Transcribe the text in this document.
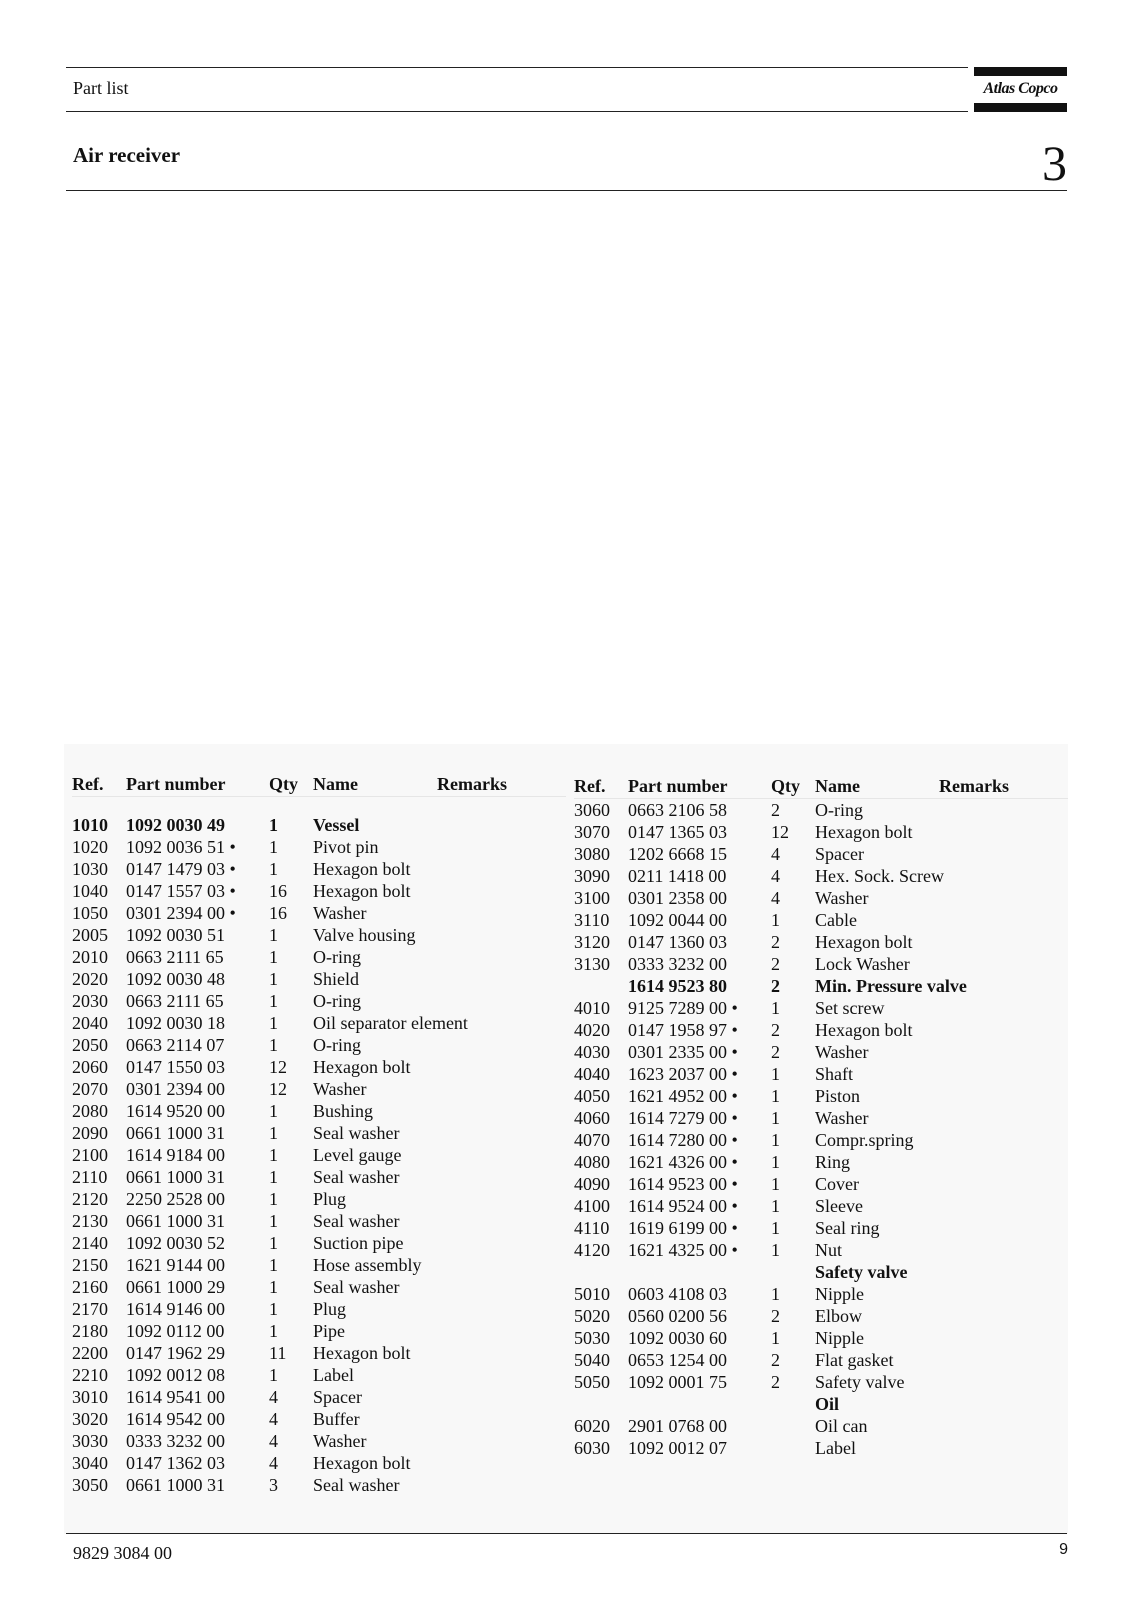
Part list	Atlas Copco
Air receiver	3
Ref.	Part number	Qty	Name	Remarks

1010	1092 0030 49	1	Vessel	
1020	1092 0036 51 •	1	Pivot pin	
1030	0147 1479 03 •	1	Hexagon bolt	
1040	0147 1557 03 •	16	Hexagon bolt	
1050	0301 2394 00 •	16	Washer	
2005	1092 0030 51	1	Valve housing	
2010	0663 2111 65	1	O-ring	
2020	1092 0030 48	1	Shield	
2030	0663 2111 65	1	O-ring	
2040	1092 0030 18	1	Oil separator element	
2050	0663 2114 07	1	O-ring	
2060	0147 1550 03	12	Hexagon bolt	
2070	0301 2394 00	12	Washer	
2080	1614 9520 00	1	Bushing	
2090	0661 1000 31	1	Seal washer	
2100	1614 9184 00	1	Level gauge	
2110	0661 1000 31	1	Seal washer	
2120	2250 2528 00	1	Plug	
2130	0661 1000 31	1	Seal washer	
2140	1092 0030 52	1	Suction pipe	
2150	1621 9144 00	1	Hose assembly	
2160	0661 1000 29	1	Seal washer	
2170	1614 9146 00	1	Plug	
2180	1092 0112 00	1	Pipe	
2200	0147 1962 29	11	Hexagon bolt	
2210	1092 0012 08	1	Label	
3010	1614 9541 00	4	Spacer	
3020	1614 9542 00	4	Buffer	
3030	0333 3232 00	4	Washer	
3040	0147 1362 03	4	Hexagon bolt	
3050	0661 1000 31	3	Seal washer	
Ref.	Part number	Qty	Name	Remarks
3060	0663 2106 58	2	O-ring	
3070	0147 1365 03	12	Hexagon bolt	
3080	1202 6668 15	4	Spacer	
3090	0211 1418 00	4	Hex. Sock. Screw	
3100	0301 2358 00	4	Washer	
3110	1092 0044 00	1	Cable	
3120	0147 1360 03	2	Hexagon bolt	
3130	0333 3232 00	2	Lock Washer	
	1614 9523 80	2	Min. Pressure valve	
4010	9125 7289 00 •	1	Set screw	
4020	0147 1958 97 •	2	Hexagon bolt	
4030	0301 2335 00 •	2	Washer	
4040	1623 2037 00 •	1	Shaft	
4050	1621 4952 00 •	1	Piston	
4060	1614 7279 00 •	1	Washer	
4070	1614 7280 00 •	1	Compr.spring	
4080	1621 4326 00 •	1	Ring	
4090	1614 9523 00 •	1	Cover	
4100	1614 9524 00 •	1	Sleeve	
4110	1619 6199 00 •	1	Seal ring	
4120	1621 4325 00 •	1	Nut	
			Safety valve	
5010	0603 4108 03	1	Nipple	
5020	0560 0200 56	2	Elbow	
5030	1092 0030 60	1	Nipple	
5040	0653 1254 00	2	Flat gasket	
5050	1092 0001 75	2	Safety valve	
			Oil	
6020	2901 0768 00		Oil can	
6030	1092 0012 07		Label	
9829 3084 00	9
